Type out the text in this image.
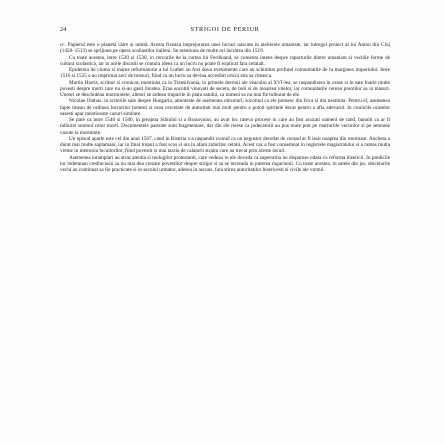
24	STRIGOI DE PERIUR

cc. Papierul este o planetă către și umită. Acesta fixeaza imprejurarea unei lucrari nascute in atelierele umaniste, iar intregul proiect al lui Anton din Cluj (1458–1513) se sprijinea pe opera scoliastilor italieni. Se mentiona de multe ori lucrarea din 1519.

Cu toate acestea, intre 1520 si 1530, in cercurile de la curtea lui Ferdinand, se comenta intens despre raporturile dintre umanism si vechile forme de cultura scolastica, iar in acele discutii se contura ideea ca un lucru nu poate fi explicat fara celalalt.

Epidemia de ciuma si marea reformatorie a lui Luther au fost doua evenimente care au schimbat profund comunitatile de la marginea imperiului. Intre 1516 si 1525 s-au imprimat zeci de brosuri, fiind ca un lucru sa devina accesibil oricui stia sa citeasca.

Martin Harris, scriitor si cronicar, mentiona ca in Transilvania, in primele decenii ale veacului al XVI-lea, se raspandisera in orase si in sate foarte multe povesti despre morti care nu si-au gasit linistea. Erau socotiti vinovati de seceta, de boli si de moartea vitelor, iar comunitatile cereau preotilor sa ia masuri. Uneori se deschideau mormintele, alteori se ardeau trupurile in piata satului, ca nimeni sa nu mai fie tulburat de ele.

Nicolae Olahus, in scrierile sale despre Hungaria, aminteste de asemenea obiceiuri, socotind ca ele pornesc din frica si din nestiinta. Pentru el, asemenea fapte tineau de ordinea lucrurilor lumesti si erau cercetate de autoritati mai mult pentru a potoli spiritele decat pentru a afla adevarul. In cronicile oraselor sasesti apar mentionate cazuri similare.

Se pare ca intre 1540 si 1560, in preajma Sibiului si a Brasovului, au avut loc cateva procese in care au fost acuzati oameni de rand, banuiti ca ar fi tulburat somnul celor morti. Documentele pastrate sunt fragmentare, dar din ele reiese ca judecatorii au pus mare pret pe marturiile vecinilor si pe semnele vazute la morminte.

Un episod aparte este cel din anul 1567, cand in Bistrita s-a raspandit zvonul ca un negustor decedat de curand ar fi iesit noaptea din mormant. Ancheta a durat mai multe saptamani, iar in final trupul a fost scos si ars in afara zidurilor cetatii. Acest caz a fost consemnat in registrele magistratului si a ramas multa vreme in memoria locuitorilor, fiind povestit si mai tarziu de calatorii straini care au trecut prin aceste locuri.

Asemenea intamplari au atras atentia si teologilor protestanti, care vedeau in ele dovada ca superstitia nu disparuse odata cu reforma bisericii. In predicile lor indemnau credinciosii sa nu mai dea crezare povestilor despre strigoi si sa se increada in puterea rugaciunii. Cu toate acestea, in satele din jur, obiceiurile vechi au continuat sa fie practicate si in secolul urmator, adesea in ascuns, fara stirea autoritatilor bisericesti si civile ale vremii.
